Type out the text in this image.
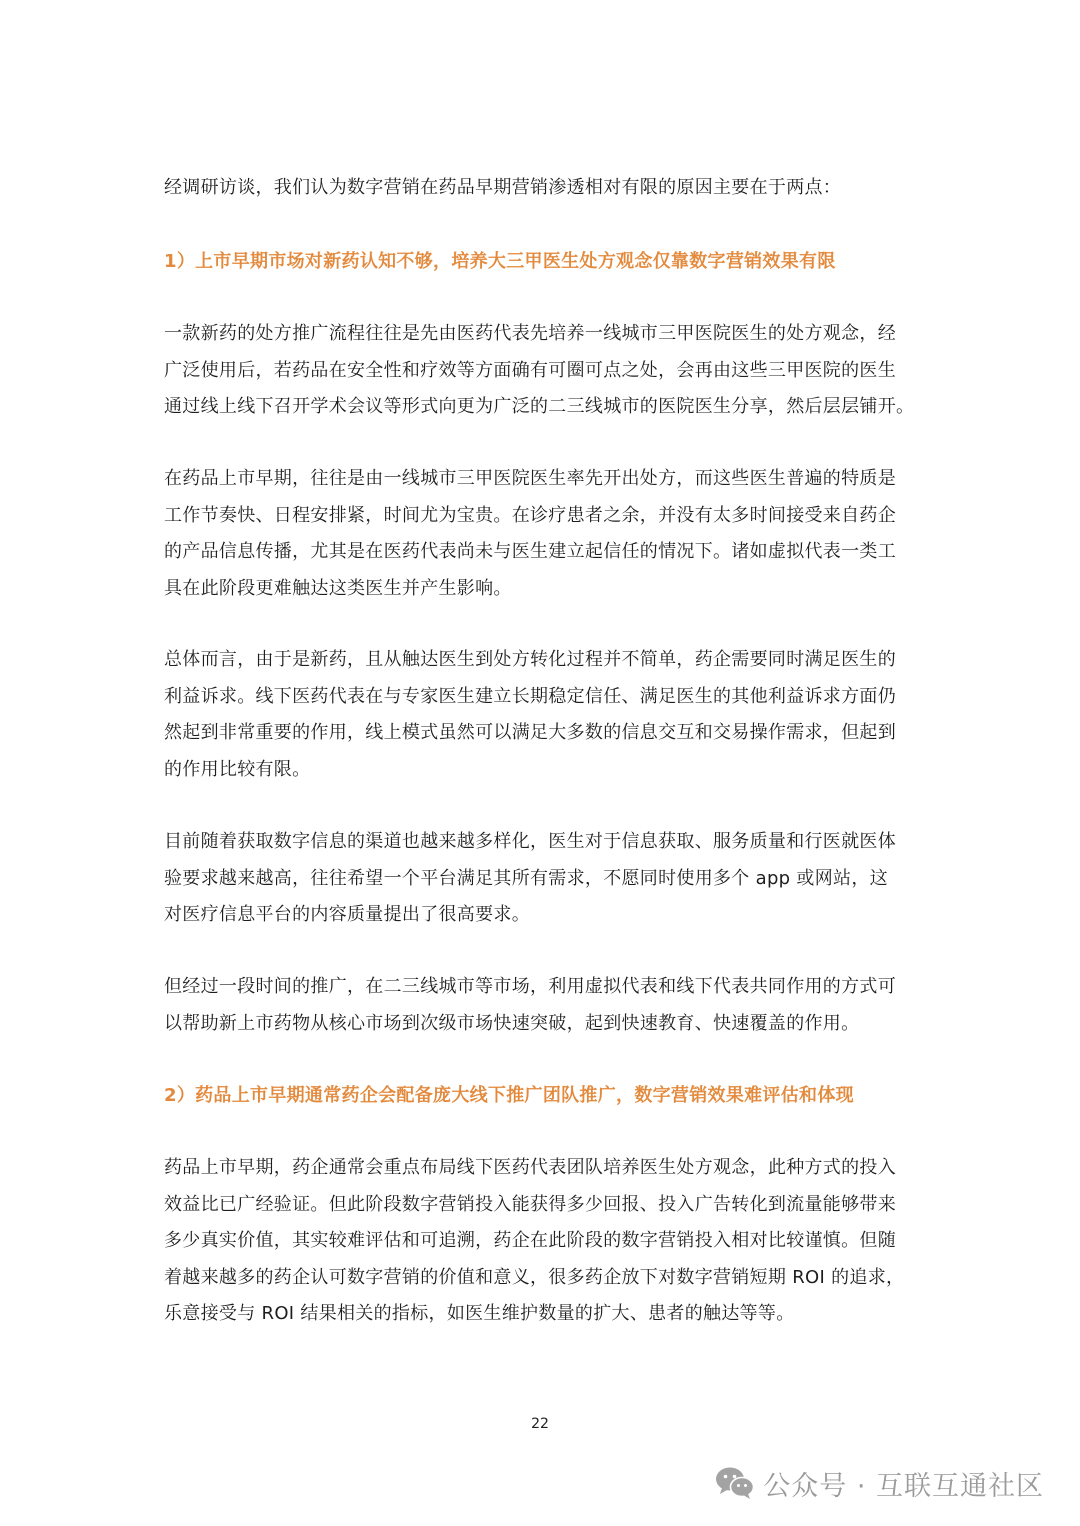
经调研访谈，我们认为数字营销在药品早期营销渗透相对有限的原因主要在于两点：

1）上市早期市场对新药认知不够，培养大三甲医生处方观念仅靠数字营销效果有限

一款新药的处方推广流程往往是先由医药代表先培养一线城市三甲医院医生的处方观念，经
广泛使用后，若药品在安全性和疗效等方面确有可圈可点之处，会再由这些三甲医院的医生
通过线上线下召开学术会议等形式向更为广泛的二三线城市的医院医生分享，然后层层铺开。

在药品上市早期，往往是由一线城市三甲医院医生率先开出处方，而这些医生普遍的特质是
工作节奏快、日程安排紧，时间尤为宝贵。在诊疗患者之余，并没有太多时间接受来自药企
的产品信息传播，尤其是在医药代表尚未与医生建立起信任的情况下。诸如虚拟代表一类工
具在此阶段更难触达这类医生并产生影响。

总体而言，由于是新药，且从触达医生到处方转化过程并不简单，药企需要同时满足医生的
利益诉求。线下医药代表在与专家医生建立长期稳定信任、满足医生的其他利益诉求方面仍
然起到非常重要的作用，线上模式虽然可以满足大多数的信息交互和交易操作需求，但起到
的作用比较有限。

目前随着获取数字信息的渠道也越来越多样化，医生对于信息获取、服务质量和行医就医体
验要求越来越高，往往希望一个平台满足其所有需求，不愿同时使用多个 app 或网站，这
对医疗信息平台的内容质量提出了很高要求。

但经过一段时间的推广，在二三线城市等市场，利用虚拟代表和线下代表共同作用的方式可
以帮助新上市药物从核心市场到次级市场快速突破，起到快速教育、快速覆盖的作用。

2）药品上市早期通常药企会配备庞大线下推广团队推广，数字营销效果难评估和体现

药品上市早期，药企通常会重点布局线下医药代表团队培养医生处方观念，此种方式的投入
效益比已广经验证。但此阶段数字营销投入能获得多少回报、投入广告转化到流量能够带来
多少真实价值，其实较难评估和可追溯，药企在此阶段的数字营销投入相对比较谨慎。但随
着越来越多的药企认可数字营销的价值和意义，很多药企放下对数字营销短期 ROI 的追求，
乐意接受与 ROI 结果相关的指标，如医生维护数量的扩大、患者的触达等等。

22

公众号 · 互联互通社区
